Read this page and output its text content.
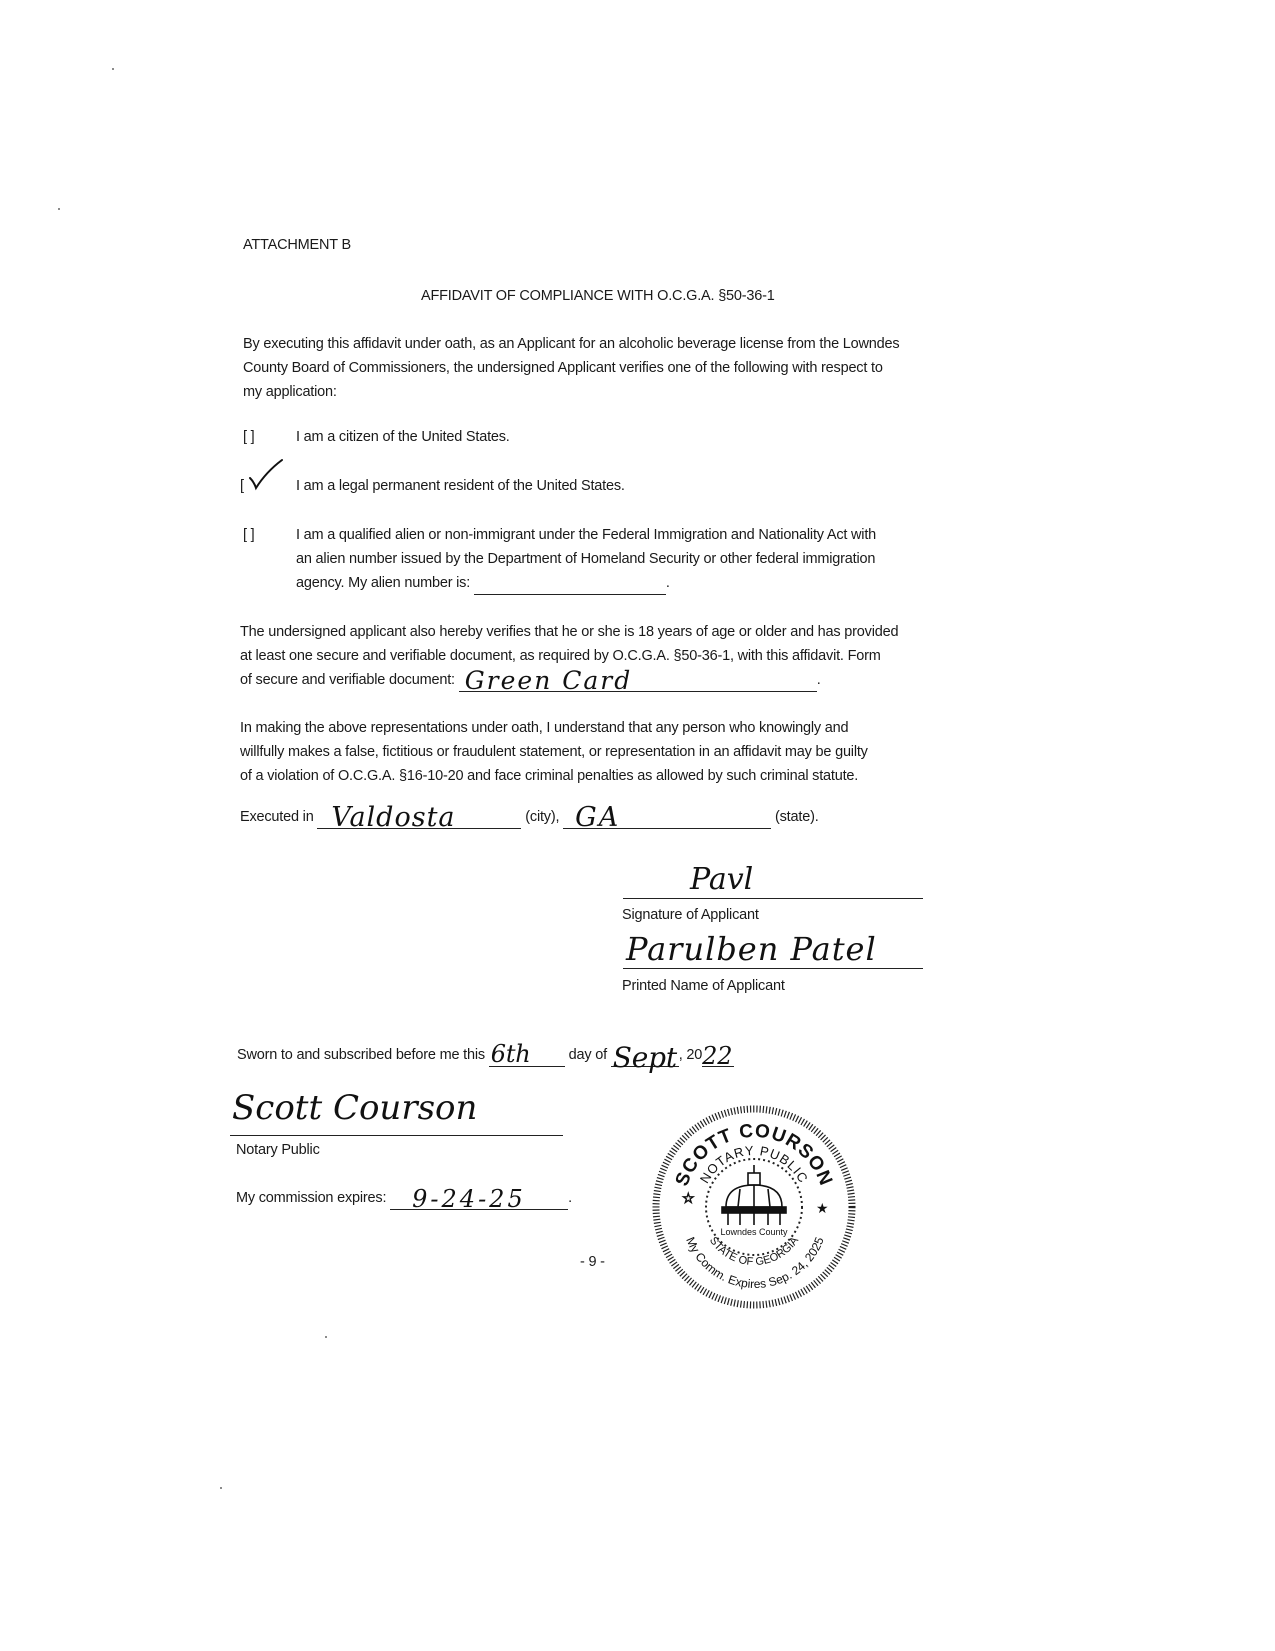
ATTACHMENT B
AFFIDAVIT OF COMPLIANCE WITH O.C.G.A. §50-36-1
By executing this affidavit under oath, as an Applicant for an alcoholic beverage license from the Lowndes
County Board of Commissioners, the undersigned Applicant verifies one of the following with respect to
my application:
[ ]	I am a citizen of the United States.
[	I am a legal permanent resident of the United States.
[ ]	I am a qualified alien or non-immigrant under the Federal Immigration and Nationality Act with
an alien number issued by the Department of Homeland Security or other federal immigration
agency. My alien number is:	.
The undersigned applicant also hereby verifies that he or she is 18 years of age or older and has provided
at least one secure and verifiable document, as required by O.C.G.A. §50-36-1, with this affidavit. Form
of secure and verifiable document: Green Card	.
In making the above representations under oath, I understand that any person who knowingly and
willfully makes a false, fictitious or fraudulent statement, or representation in an affidavit may be guilty
of a violation of O.C.G.A. §16-10-20 and face criminal penalties as allowed by such criminal statute.
Executed in Valdosta	(city), GA	(state).
Pavl
Signature of Applicant
Parulben Patel
Printed Name of Applicant
Sworn to and subscribed before me this 6th	day of Sept , 20 22
Scott Courson
Notary Public
My commission expires: 9-24-25	.
- 9 -
SCOTT COURSON
NOTARY PUBLIC
My Comm. Expires Sep. 24, 2025
STATE OF GEORGIA
Lowndes County
☆
★
